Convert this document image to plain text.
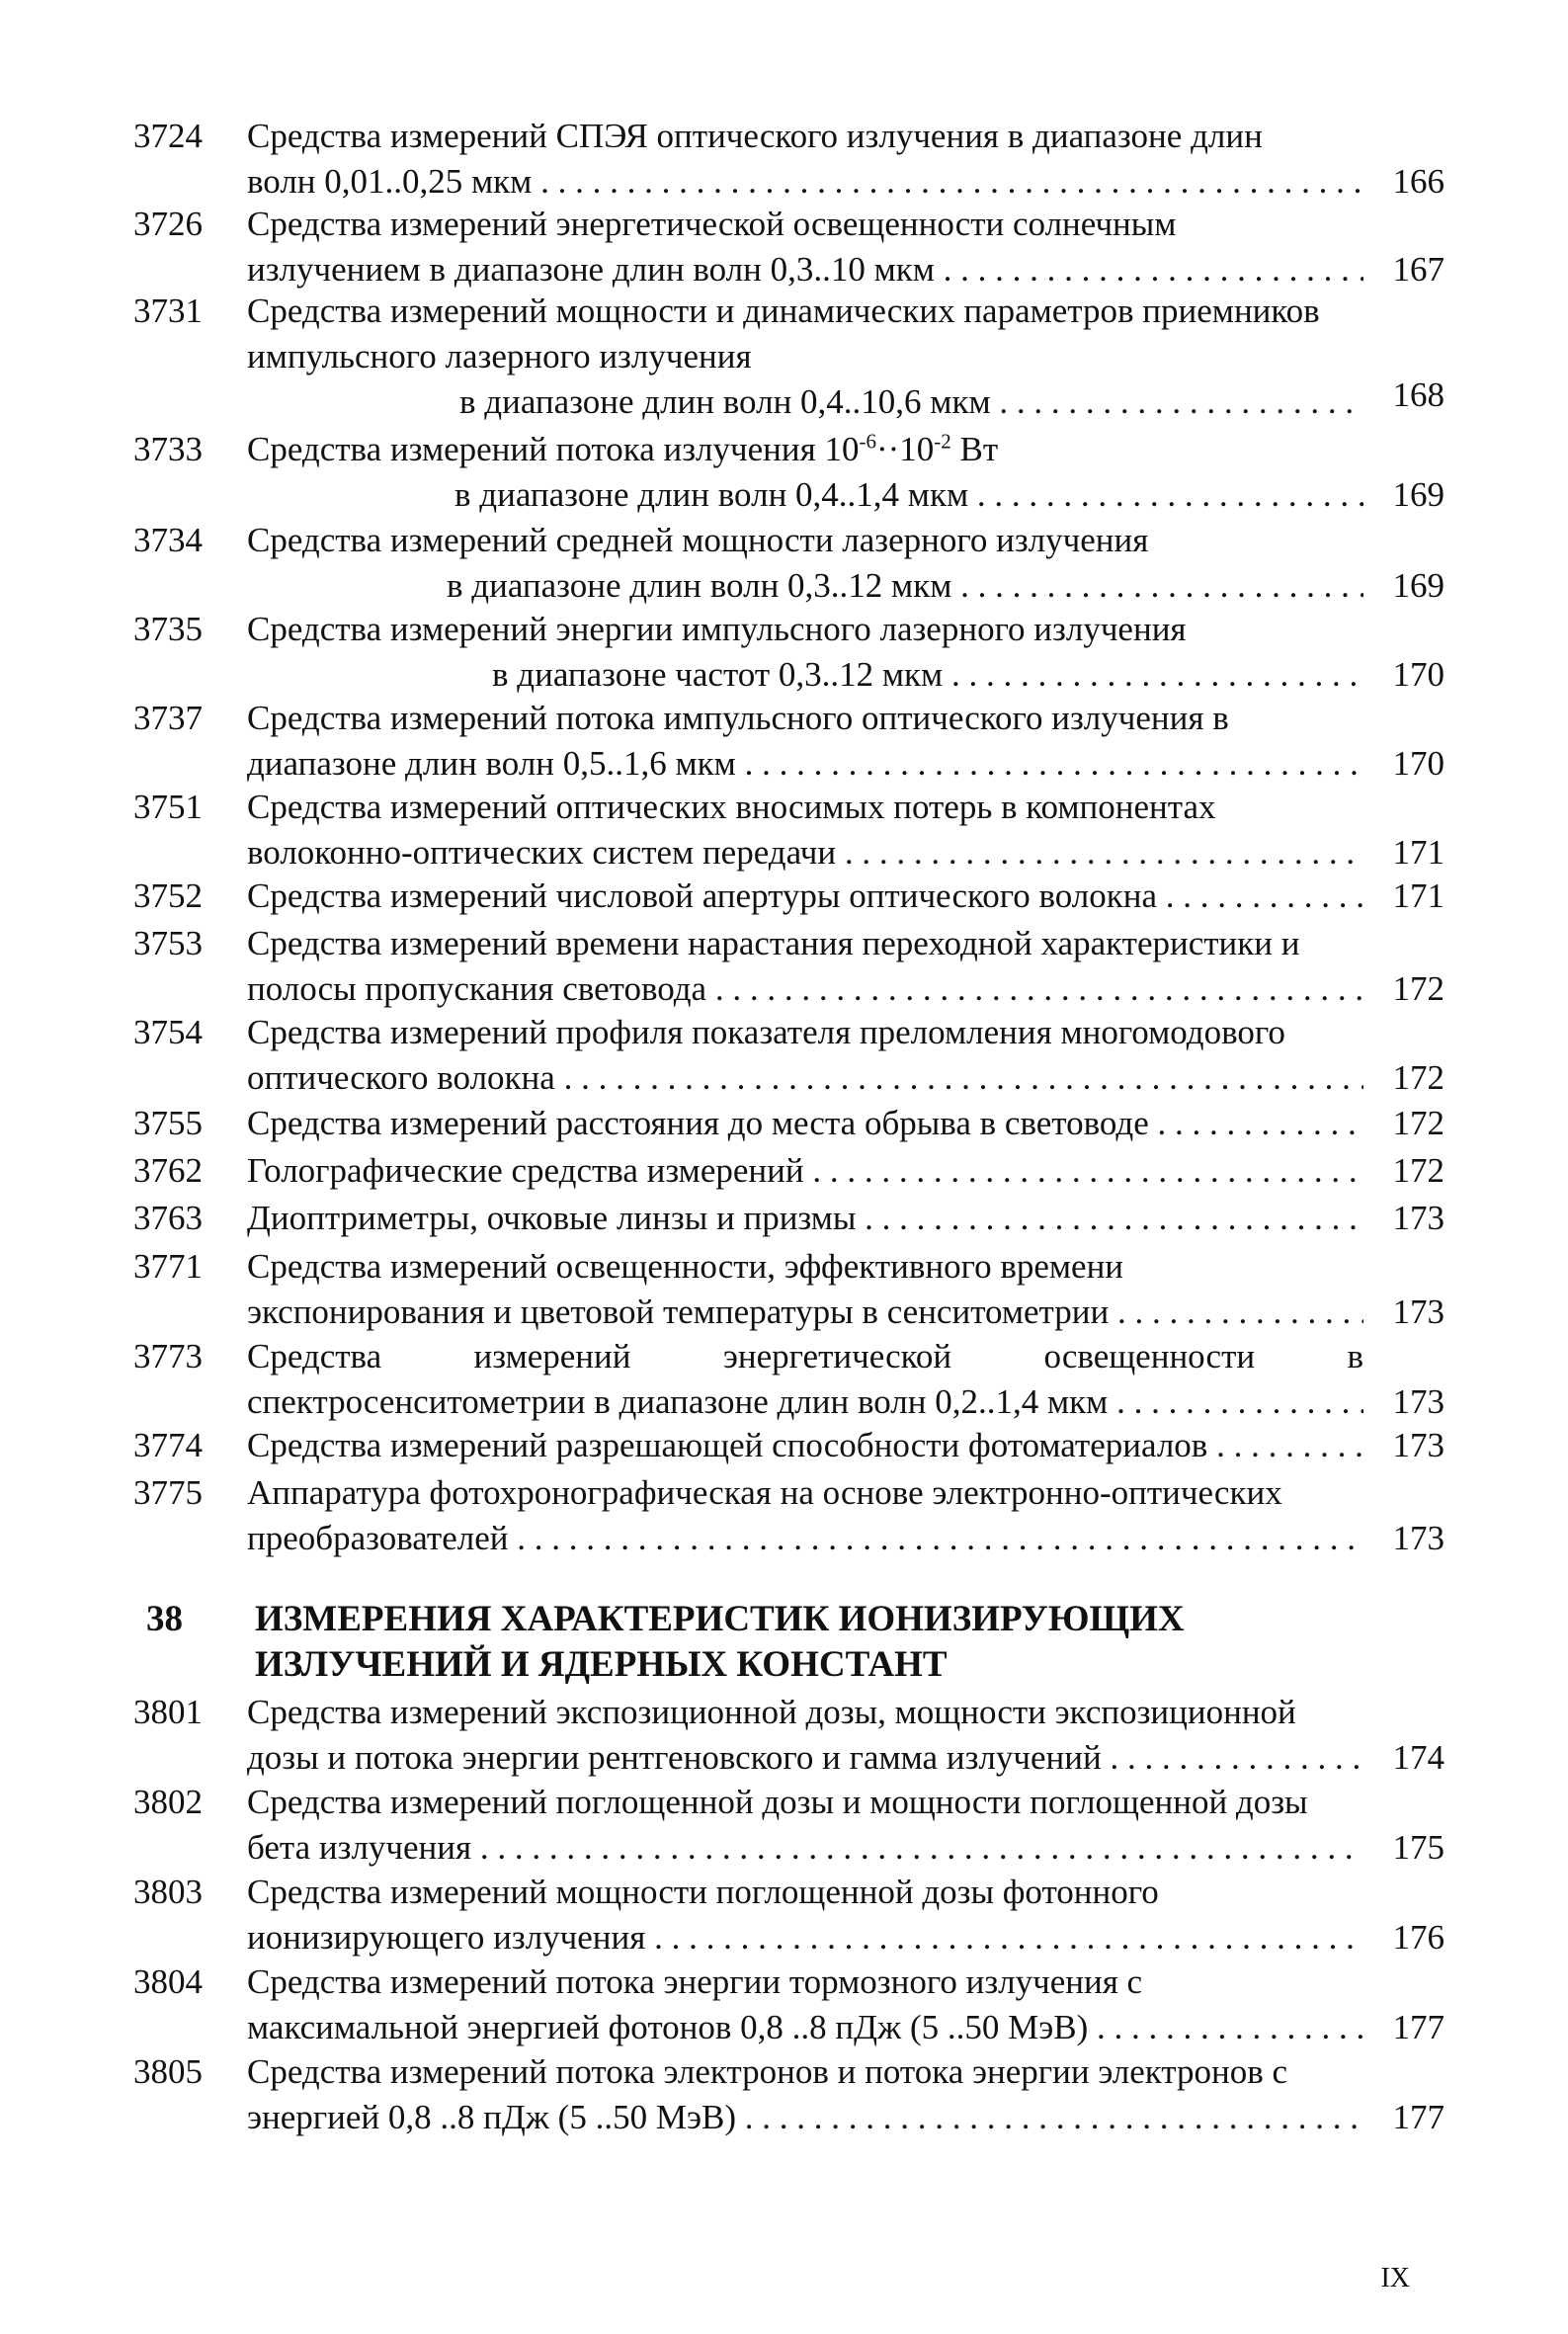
3724 Средства измерений СПЭЯ оптического излучения в диапазоне длин
волн 0,01..0,25 мкм . . .	166
3726 Средства измерений энергетической освещенности солнечным
излучением в диапазоне длин волн 0,3..10 мкм . . .	167
3731 Средства измерений мощности и динамических параметров приемников
импульсного лазерного излучения
в диапазоне длин волн 0,4..10,6 мкм . . .	168
3733 Средства измерений потока излучения $10^{-6}\cdot\cdot 10^{-2}$ Вт
в диапазоне длин волн 0,4..1,4 мкм . . .	169
3734 Средства измерений средней мощности лазерного излучения
в диапазоне длин волн 0,3..12 мкм . . .	169
3735 Средства измерений энергии импульсного лазерного излучения
в диапазоне частот 0,3..12 мкм . . .	170
3737 Средства измерений потока импульсного оптического излучения в
диапазоне длин волн 0,5..1,6 мкм . . .	170
3751 Средства измерений оптических вносимых потерь в компонентах
волоконно-оптических систем передачи . . .	171
3752 Средства измерений числовой апертуры оптического волокна . . .	171
3753 Средства измерений времени нарастания переходной характеристики и
полосы пропускания световода . . .	172
3754 Средства измерений профиля показателя преломления многомодового
оптического волокна . . .	172
3755 Средства измерений расстояния до места обрыва в световоде . . .	172
3762 Голографические средства измерений . . .	172
3763 Диоптриметры, очковые линзы и призмы . . .	173
3771 Средства измерений освещенности, эффективного времени
экспонирования и цветовой температуры в сенситометрии . . .	173
3773 Средства	измерений	энергетической	освещенности	в
спектросенситометрии в диапазоне длин волн 0,2..1,4 мкм . . .	173
3774 Средства измерений разрешающей способности фотоматериалов . . .	173
3775 Аппаратура фотохронографическая на основе электронно-оптических
преобразователей . . .	173
38 ИЗМЕРЕНИЯ ХАРАКТЕРИСТИК ИОНИЗИРУЮЩИХ
ИЗЛУЧЕНИЙ И ЯДЕРНЫХ КОНСТАНТ
3801 Средства измерений экспозиционной дозы, мощности экспозиционной
дозы и потока энергии рентгеновского и гамма излучений . . .	174
3802 Средства измерений поглощенной дозы и мощности поглощенной дозы
бета излучения . . .	175
3803 Средства измерений мощности поглощенной дозы фотонного
ионизирующего излучения . . .	176
3804 Средства измерений потока энергии тормозного излучения с
максимальной энергией фотонов 0,8 ..8 пДж (5 ..50 МэВ) . . .	177
3805 Средства измерений потока электронов и потока энергии электронов с
энергией 0,8 ..8 пДж (5 ..50 МэВ) . . .	177
IX
